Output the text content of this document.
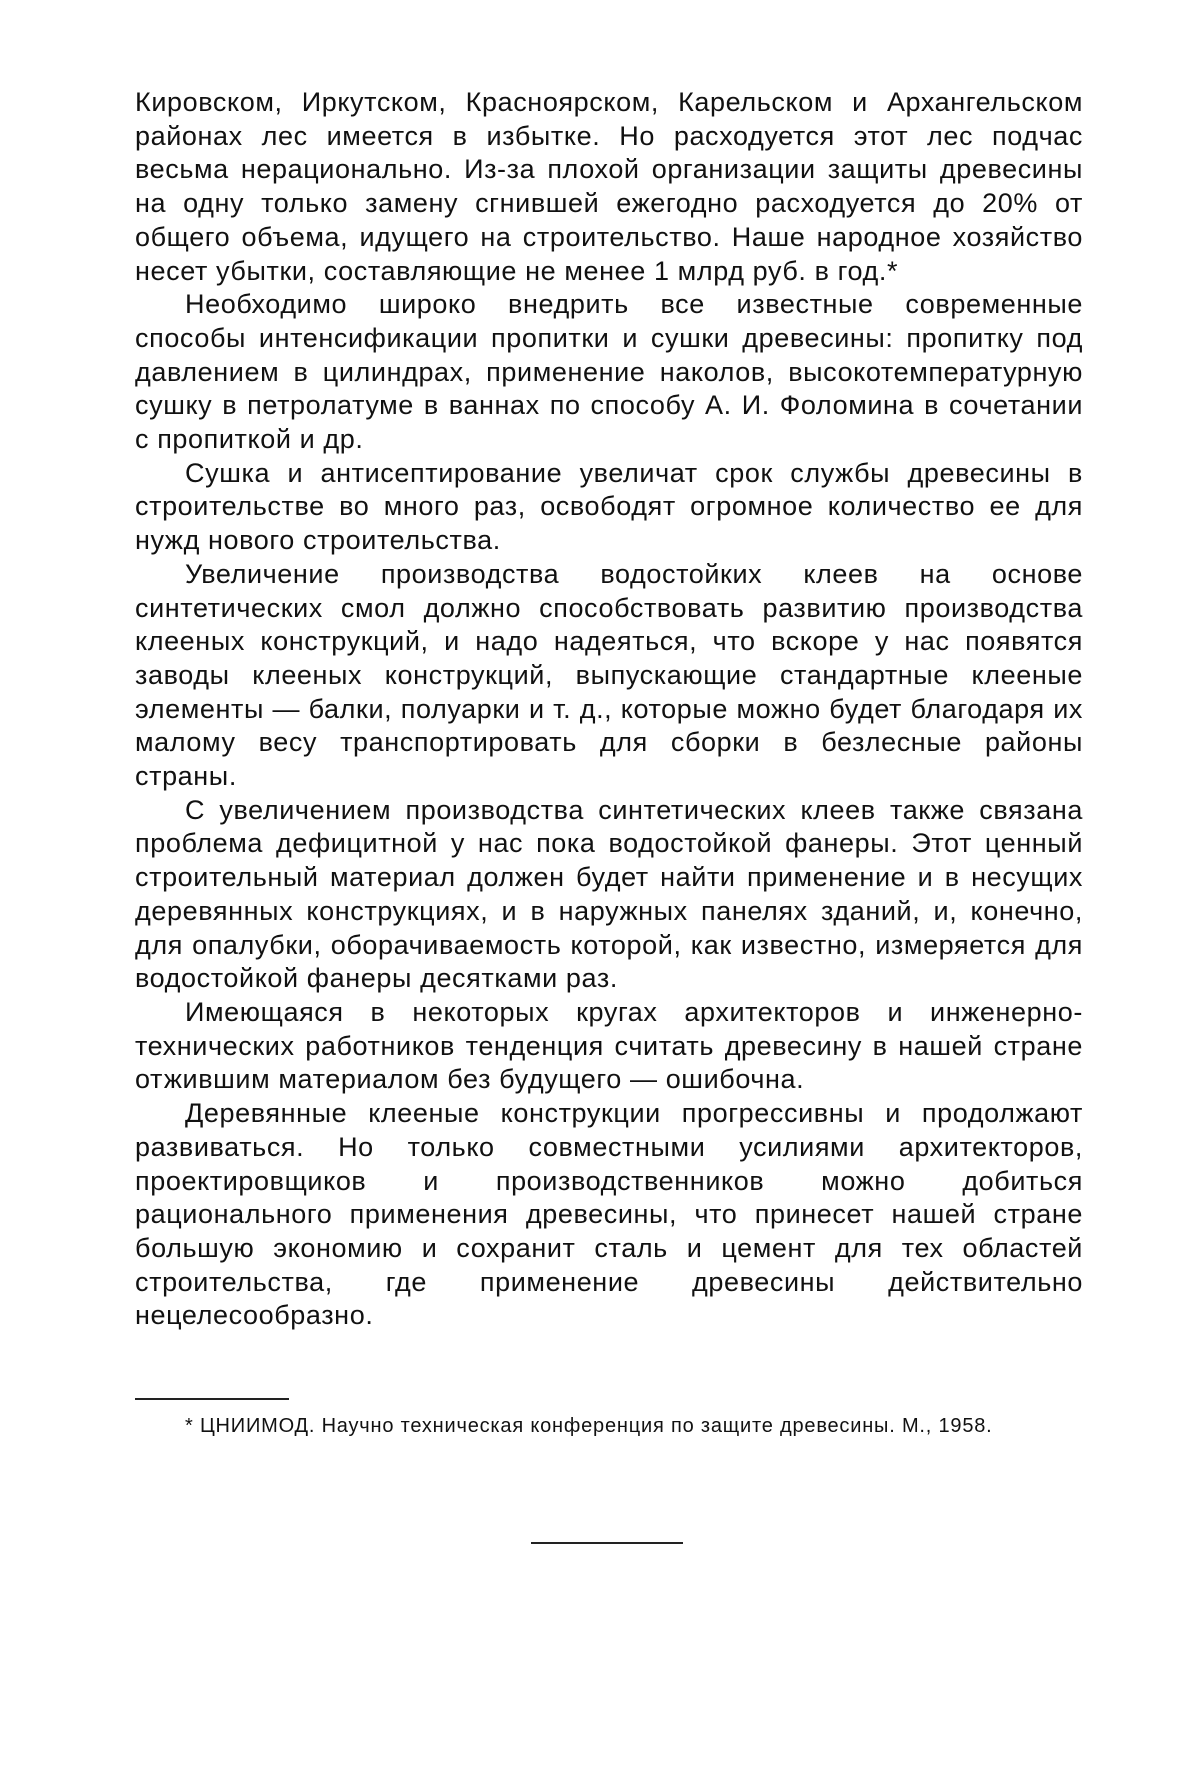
Кировском, Иркутском, Красноярском, Карельском и Архангельском районах лес имеется в избытке. Но расходуется этот лес подчас весьма нерационально. Из-за плохой организации защиты древесины на одну только замену сгнившей ежегодно расходуется до 20% от общего объема, идущего на строительство. Наше народное хозяйство несет убытки, составляющие не менее 1 млрд руб. в год.*

Необходимо широко внедрить все известные современные способы интенсификации пропитки и сушки древесины: пропитку под давлением в цилиндрах, применение наколов, высокотемпературную сушку в петролатуме в ваннах по способу А. И. Фоломина в сочетании с пропиткой и др.

Сушка и антисептирование увеличат срок службы древесины в строительстве во много раз, освободят огромное количество ее для нужд нового строительства.

Увеличение производства водостойких клеев на основе синтетических смол должно способствовать развитию производства клееных конструкций, и надо надеяться, что вскоре у нас появятся заводы клееных конструкций, выпускающие стандартные клееные элементы — балки, полуарки и т. д., которые можно будет благодаря их малому весу транспортировать для сборки в безлесные районы страны.

С увеличением производства синтетических клеев также связана проблема дефицитной у нас пока водостойкой фанеры. Этот ценный строительный материал должен будет найти применение и в несущих деревянных конструкциях, и в наружных панелях зданий, и, конечно, для опалубки, оборачиваемость которой, как известно, измеряется для водостойкой фанеры десятками раз.

Имеющаяся в некоторых кругах архитекторов и инженерно-технических работников тенденция считать древесину в нашей стране отжившим материалом без будущего — ошибочна.

Деревянные клееные конструкции прогрессивны и продолжают развиваться. Но только совместными усилиями архитекторов, проектировщиков и производственников можно добиться рационального применения древесины, что принесет нашей стране большую экономию и сохранит сталь и цемент для тех областей строительства, где применение древесины действительно нецелесообразно.

* ЦНИИМОД. Научно техническая конференция по защите древесины. М., 1958.
